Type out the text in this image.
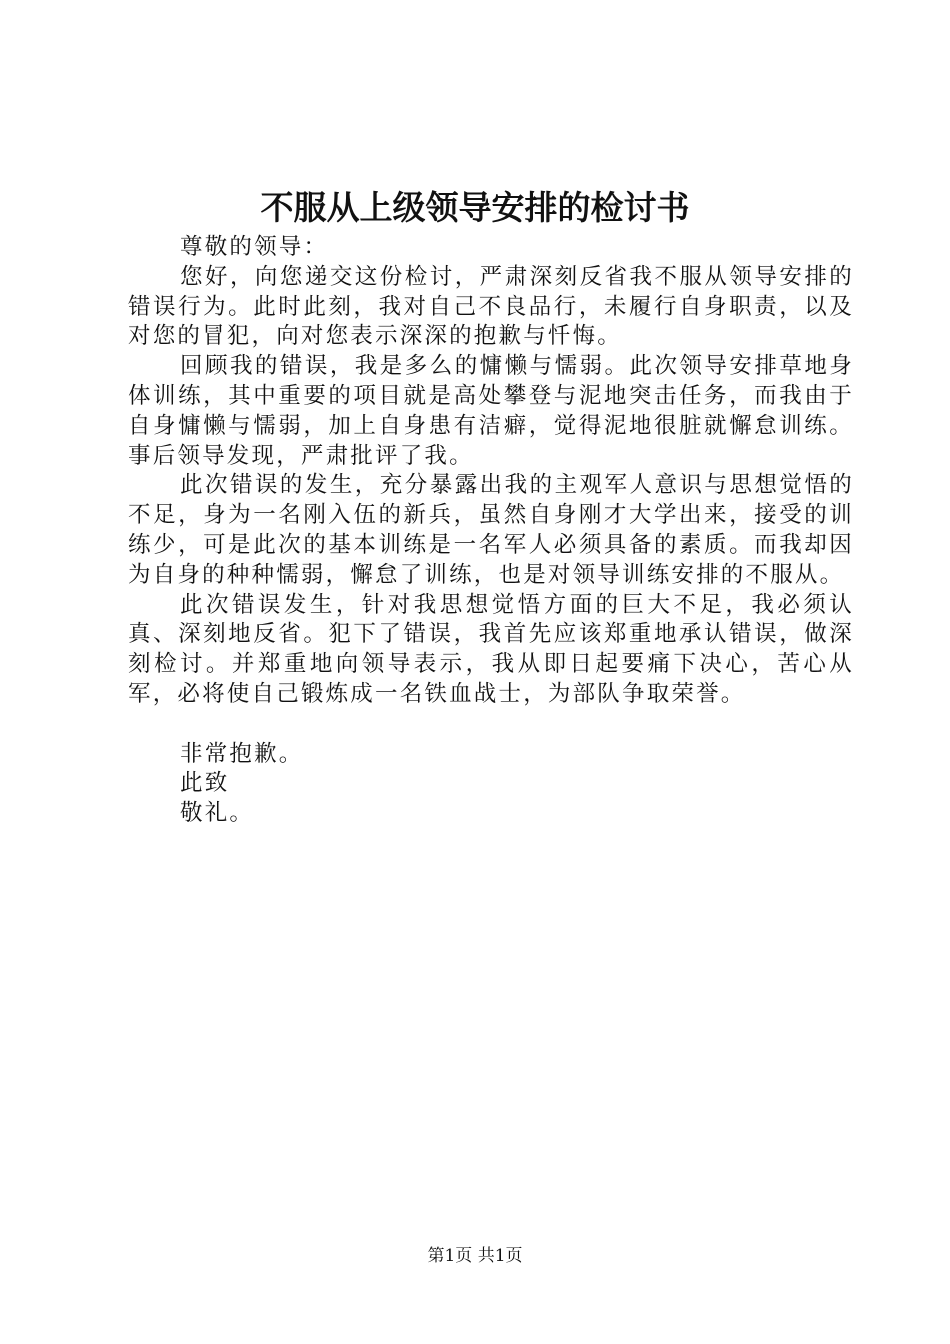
不服从上级领导安排的检讨书

尊敬的领导：

您好，向您递交这份检讨，严肃深刻反省我不服从领导安排的错误行为。此时此刻，我对自己不良品行，未履行自身职责，以及对您的冒犯，向对您表示深深的抱歉与忏悔。

回顾我的错误，我是多么的慵懒与懦弱。此次领导安排草地身体训练，其中重要的项目就是高处攀登与泥地突击任务，而我由于自身慵懒与懦弱，加上自身患有洁癖，觉得泥地很脏就懈怠训练。事后领导发现，严肃批评了我。

此次错误的发生，充分暴露出我的主观军人意识与思想觉悟的不足，身为一名刚入伍的新兵，虽然自身刚才大学出来，接受的训练少，可是此次的基本训练是一名军人必须具备的素质。而我却因为自身的种种懦弱，懈怠了训练，也是对领导训练安排的不服从。

此次错误发生，针对我思想觉悟方面的巨大不足，我必须认真、深刻地反省。犯下了错误，我首先应该郑重地承认错误，做深刻检讨。并郑重地向领导表示，我从即日起要痛下决心，苦心从军，必将使自己锻炼成一名铁血战士，为部队争取荣誉。

非常抱歉。

此致

敬礼。

第1页 共1页
